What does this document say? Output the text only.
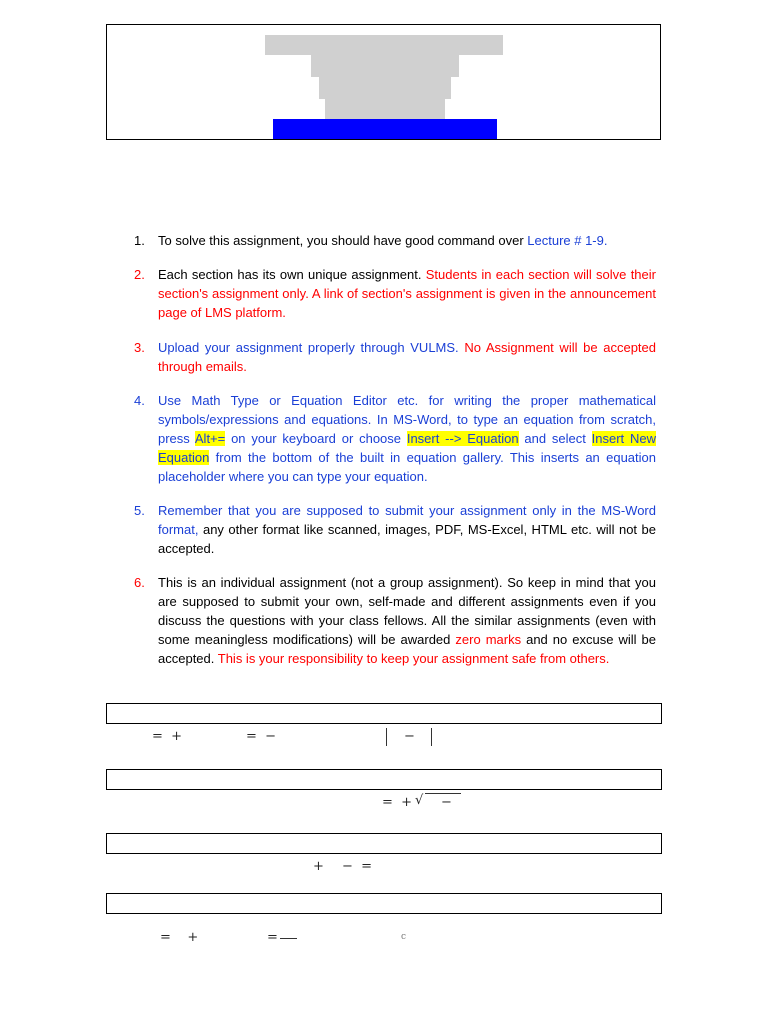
1.	To solve this assignment, you should have good command over Lecture # 1-9.
2.	Each section has its own unique assignment. Students in each section will solve their section's assignment only. A link of section's assignment is given in the announcement page of LMS platform.
3.	Upload your assignment properly through VULMS. No Assignment will be accepted through emails.
4.	Use Math Type or Equation Editor etc. for writing the proper mathematical symbols/expressions and equations. In MS-Word, to type an equation from scratch, press Alt+= on your keyboard or choose Insert --> Equation and select Insert New Equation from the bottom of the built in equation gallery. This inserts an equation placeholder where you can type your equation.
5.	Remember that you are supposed to submit your assignment only in the MS-Word format, any other format like scanned, images, PDF, MS-Excel, HTML etc. will not be accepted.
6.	This is an individual assignment (not a group assignment). So keep in mind that you are supposed to submit your own, self-made and different assignments even if you discuss the questions with your class fellows. All the similar assignments (even with some meaningless modifications) will be awarded zero marks and no excuse will be accepted. This is your responsibility to keep your assignment safe from others.
=  +	=  −	−
=  + √ −
+ −  =
=    +	=	c
